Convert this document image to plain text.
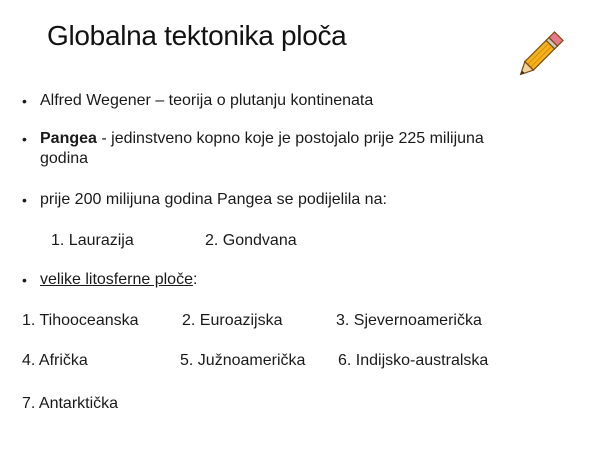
Globalna tektonika ploča
• Alfred Wegener – teorija o plutanju kontinenata
• Pangea - jedinstveno kopno koje je postojalo prije 225 milijuna
godina
• prije 200 milijuna godina Pangea se podijelila na:
1. Laurazija	2. Gondvana
• velike litosferne ploče:
1. Tihooceanska	2. Euroazijska	3. Sjevernoamerička
4. Afrička	5. Južnoamerička 6. Indijsko-australska
7. Antarktička
